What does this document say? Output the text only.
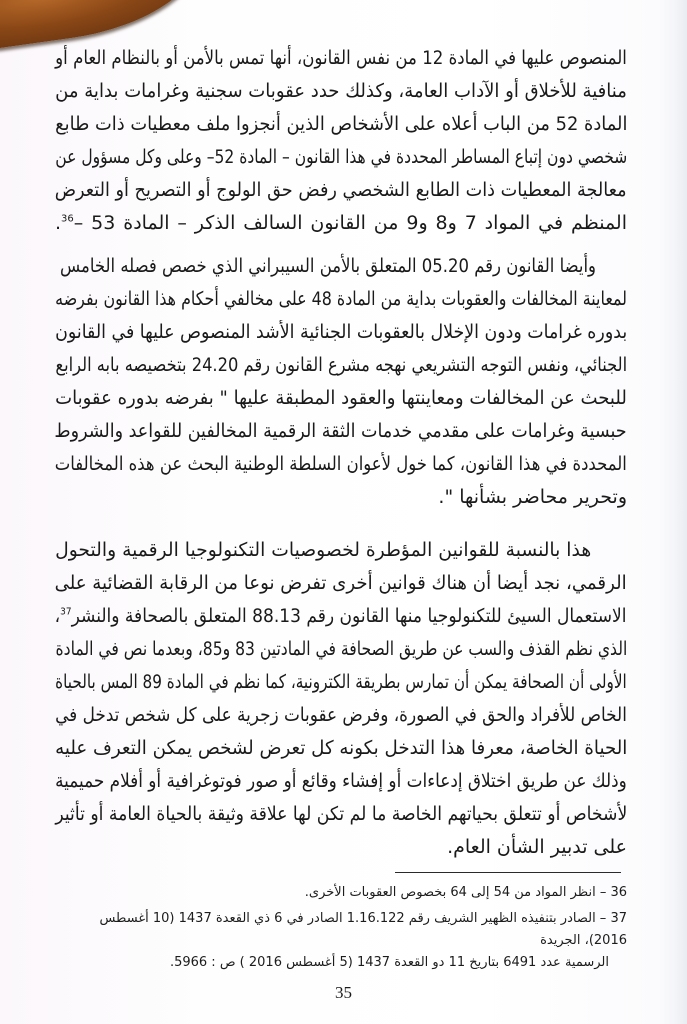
المنصوص عليها في المادة 12 من نفس القانون، أنها تمس بالأمن أو بالنظام العام أو
منافية للأخلاق أو الآداب العامة، وكذلك حدد عقوبات سجنية وغرامات بداية من
المادة 52 من الباب أعلاه على الأشخاص الذين أنجزوا ملف معطيات ذات طابع
شخصي دون إتباع المساطر المحددة في هذا القانون – المادة 52– وعلى وكل مسؤول عن
معالجة المعطيات ذات الطابع الشخصي رفض حق الولوج أو التصريح أو التعرض
المنظم في المواد 7 و8 و9 من القانون السالف الذكر – المادة 53 –$^{36}$.

وأيضا القانون رقم 05.20 المتعلق بالأمن السيبراني الذي خصص فصله الخامس
لمعاينة المخالفات والعقوبات بداية من المادة 48 على مخالفي أحكام هذا القانون بفرضه
بدوره غرامات ودون الإخلال بالعقوبات الجنائية الأشد المنصوص عليها في القانون
الجنائي، ونفس التوجه التشريعي نهجه مشرع القانون رقم 24.20 بتخصيصه بابه الرابع
للبحث عن المخالفات ومعاينتها والعقود المطبقة عليها " بفرضه بدوره عقوبات
حبسية وغرامات على مقدمي خدمات الثقة الرقمية المخالفين للقواعد والشروط
المحددة في هذا القانون، كما خول لأعوان السلطة الوطنية البحث عن هذه المخالفات
وتحرير محاضر بشأنها ".

هذا بالنسبة للقوانين المؤطرة لخصوصيات التكنولوجيا الرقمية والتحول
الرقمي، نجد أيضا أن هناك قوانين أخرى تفرض نوعا من الرقابة القضائية على
الاستعمال السيئ للتكنولوجيا منها القانون رقم 88.13 المتعلق بالصحافة والنشر$^{37}$،
الذي نظم القذف والسب عن طريق الصحافة في المادتين 83 و85، وبعدما نص في المادة
الأولى أن الصحافة يمكن أن تمارس بطريقة الكترونية، كما نظم في المادة 89 المس بالحياة
الخاص للأفراد والحق في الصورة، وفرض عقوبات زجرية على كل شخص تدخل في
الحياة الخاصة، معرفا هذا التدخل بكونه كل تعرض لشخص يمكن التعرف عليه
وذلك عن طريق اختلاق إدعاءات أو إفشاء وقائع أو صور فوتوغرافية أو أفلام حميمية
لأشخاص أو تتعلق بحياتهم الخاصة ما لم تكن لها علاقة وثيقة بالحياة العامة أو تأثير
على تدبير الشأن العام.

36 – انظر المواد من 54 إلى 64 بخصوص العقوبات الأخرى.

37 – الصادر بتنفيذه الظهير الشريف رقم 1.16.122 الصادر في 6 ذي القعدة 1437 (10 أغسطس 2016)، الجريدة
الرسمية عدد 6491 بتاريخ 11 دو القعدة 1437 (5 أغسطس 2016 ) ص : 5966.

35
